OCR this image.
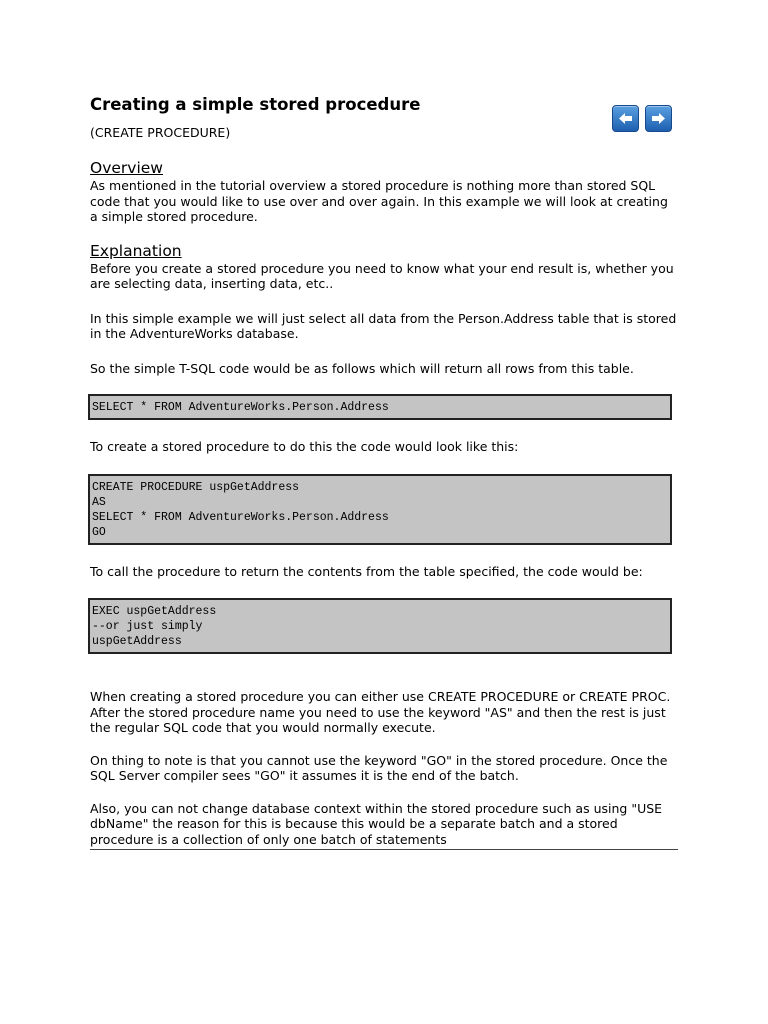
Creating a simple stored procedure
(CREATE PROCEDURE)
Overview

As mentioned in the tutorial overview a stored procedure is nothing more than stored SQL code that you would like to use over and over again. In this example we will look at creating a simple stored procedure.

Explanation

Before you create a stored procedure you need to know what your end result is, whether you are selecting data, inserting data, etc..

In this simple example we will just select all data from the Person.Address table that is stored in the AdventureWorks database.

So the simple T-SQL code would be as follows which will return all rows from this table.

SELECT * FROM AdventureWorks.Person.Address

To create a stored procedure to do this the code would look like this:

CREATE PROCEDURE uspGetAddress
AS
SELECT * FROM AdventureWorks.Person.Address
GO

To call the procedure to return the contents from the table specified, the code would be:

EXEC uspGetAddress
--or just simply
uspGetAddress

When creating a stored procedure you can either use CREATE PROCEDURE or CREATE PROC. After the stored procedure name you need to use the keyword "AS" and then the rest is just the regular SQL code that you would normally execute.

On thing to note is that you cannot use the keyword "GO" in the stored procedure. Once the SQL Server compiler sees "GO" it assumes it is the end of the batch.

Also, you can not change database context within the stored procedure such as using "USE dbName" the reason for this is because this would be a separate batch and a stored procedure is a collection of only one batch of statements
